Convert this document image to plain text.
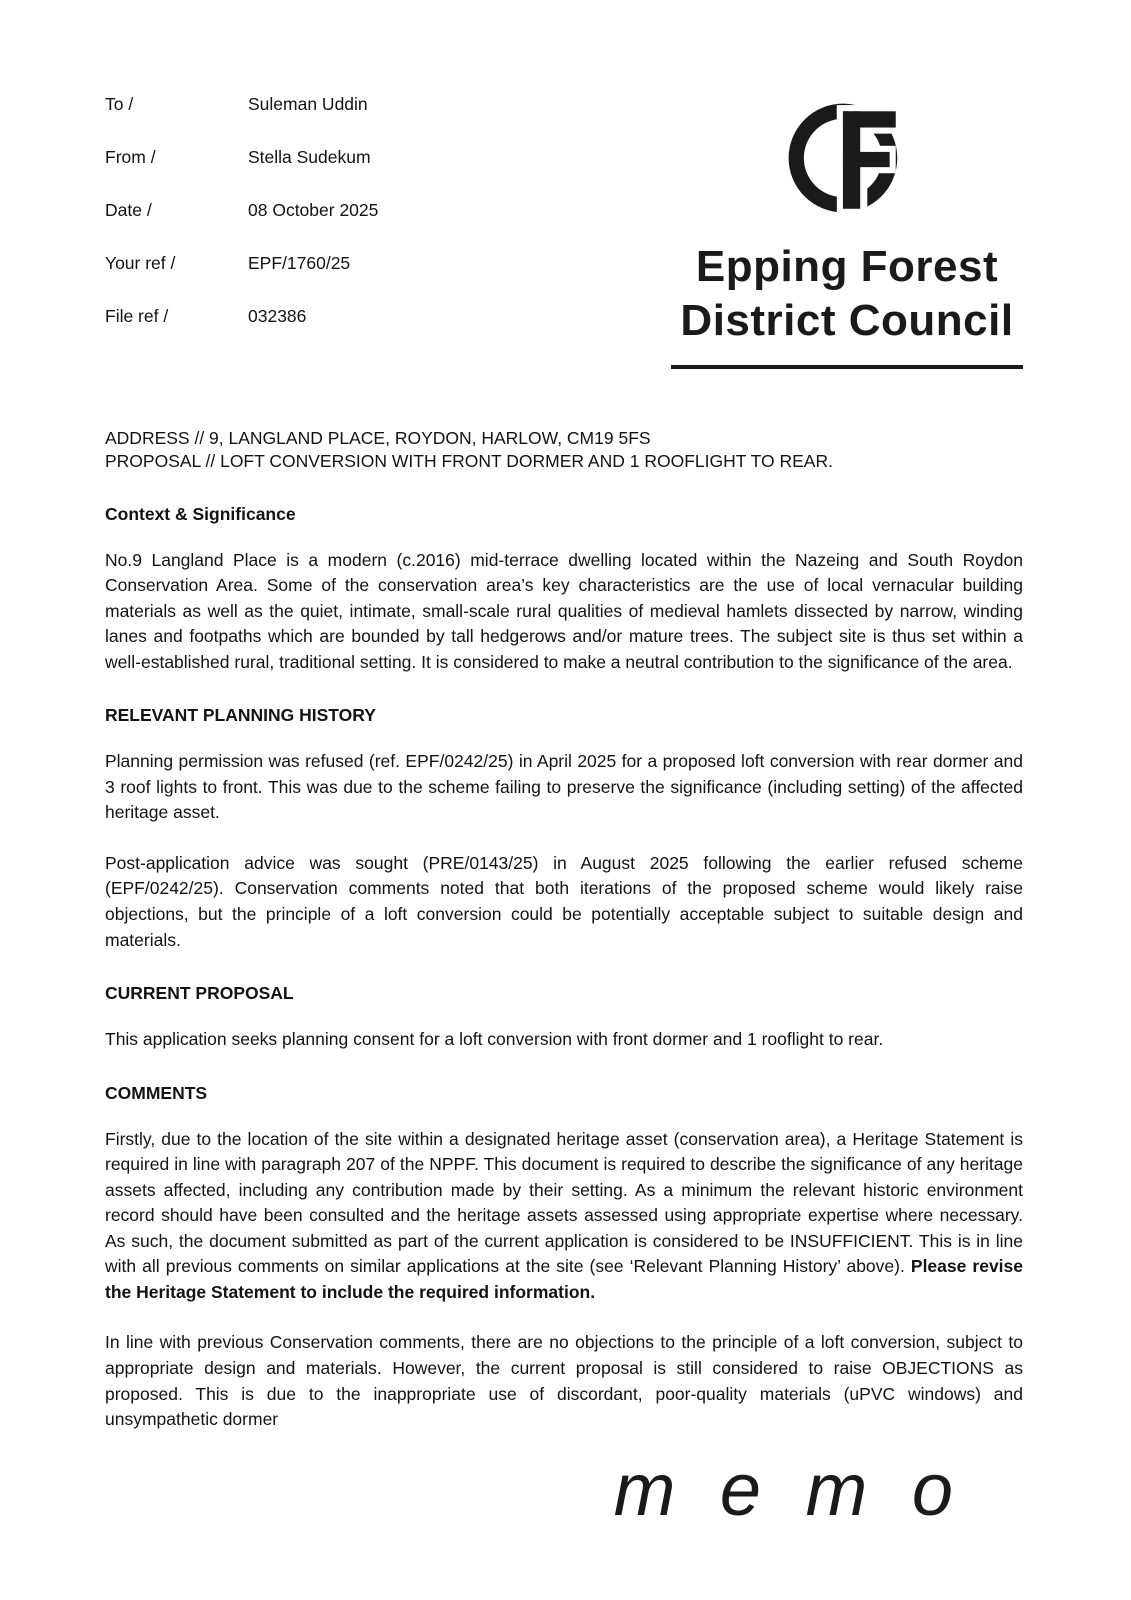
To /	Suleman Uddin
From /	Stella Sudekum
Date /	08 October 2025
Your ref /	EPF/1760/25
File ref /	032386
Epping Forest
District Council
ADDRESS // 9, LANGLAND PLACE, ROYDON, HARLOW, CM19 5FS
PROPOSAL // LOFT CONVERSION WITH FRONT DORMER AND 1 ROOFLIGHT TO REAR.
Context & Significance

No.9 Langland Place is a modern (c.2016) mid-terrace dwelling located within the Nazeing and South Roydon Conservation Area. Some of the conservation area’s key characteristics are the use of local vernacular building materials as well as the quiet, intimate, small-scale rural qualities of medieval hamlets dissected by narrow, winding lanes and footpaths which are bounded by tall hedgerows and/or mature trees. The subject site is thus set within a well-established rural, traditional setting. It is considered to make a neutral contribution to the significance of the area.

RELEVANT PLANNING HISTORY

Planning permission was refused (ref. EPF/0242/25) in April 2025 for a proposed loft conversion with rear dormer and 3 roof lights to front. This was due to the scheme failing to preserve the significance (including setting) of the affected heritage asset.

Post-application advice was sought (PRE/0143/25) in August 2025 following the earlier refused scheme (EPF/0242/25). Conservation comments noted that both iterations of the proposed scheme would likely raise objections, but the principle of a loft conversion could be potentially acceptable subject to suitable design and materials.

CURRENT PROPOSAL

This application seeks planning consent for a loft conversion with front dormer and 1 rooflight to rear.

COMMENTS

Firstly, due to the location of the site within a designated heritage asset (conservation area), a Heritage Statement is required in line with paragraph 207 of the NPPF. This document is required to describe the significance of any heritage assets affected, including any contribution made by their setting. As a minimum the relevant historic environment record should have been consulted and the heritage assets assessed using appropriate expertise where necessary. As such, the document submitted as part of the current application is considered to be INSUFFICIENT. This is in line with all previous comments on similar applications at the site (see ‘Relevant Planning History’ above). Please revise the Heritage Statement to include the required information.

In line with previous Conservation comments, there are no objections to the principle of a loft conversion, subject to appropriate design and materials. However, the current proposal is still considered to raise OBJECTIONS as proposed. This is due to the inappropriate use of discordant, poor-quality materials (uPVC windows) and unsympathetic dormer

m e m o
